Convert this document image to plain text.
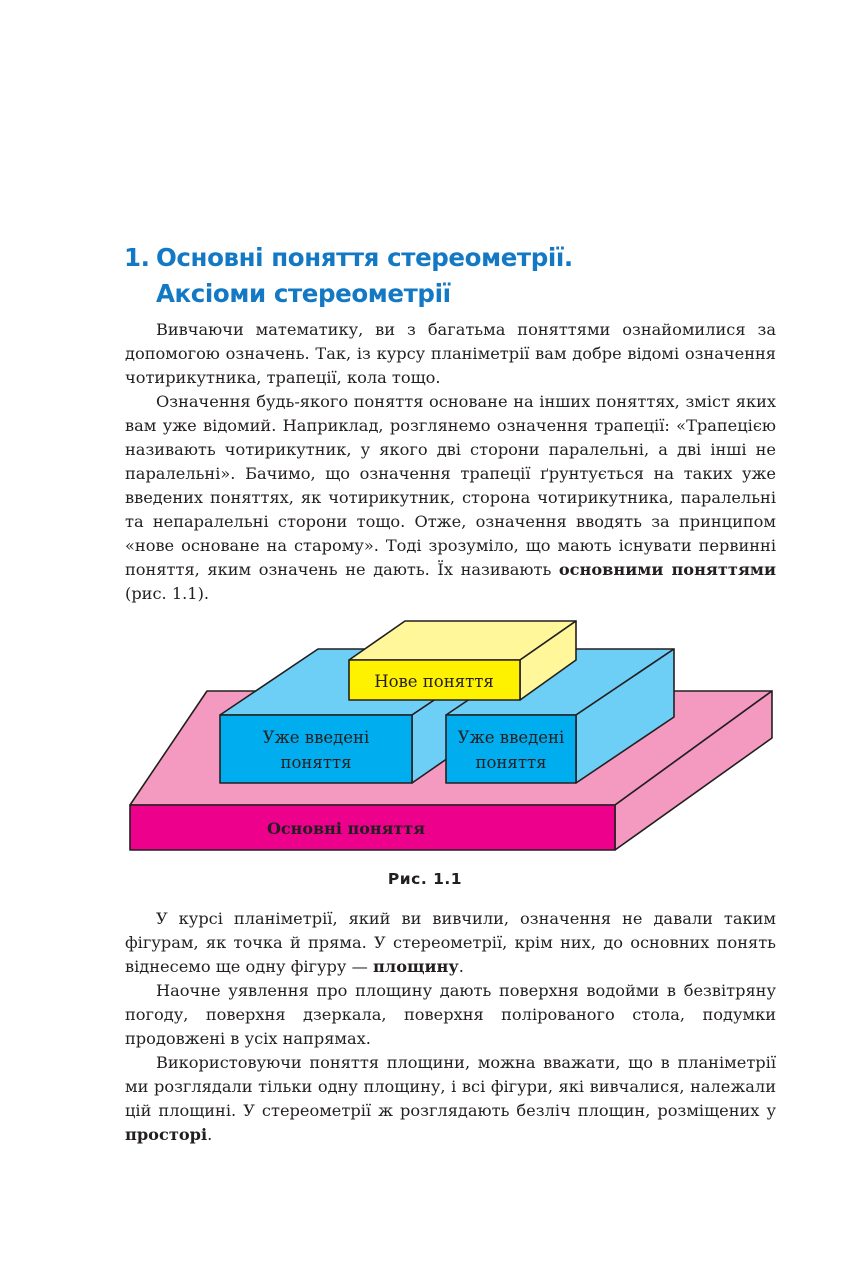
1. Основні поняття стереометрії.
Аксіоми стереометрії

Вивчаючи математику, ви з багатьма поняттями ознайомилися за допомогою означень. Так, із курсу планіметрії вам добре відомі означення чотирикутника, трапеції, кола тощо.

Означення будь-якого поняття основане на інших поняттях, зміст яких вам уже відомий. Наприклад, розглянемо означення трапеції: «Трапецією називають чотирикутник, у якого дві сторони паралельні, а дві інші не паралельні». Бачимо, що означення трапеції ґрунтується на таких уже введених поняттях, як чотирикутник, сторона чотирикутника, паралельні та непаралельні сторони тощо. Отже, означення вводять за принципом «нове основане на старому». Тоді зрозуміло, що мають існувати первинні поняття, яким означень не дають. Їх називають основними поняттями (рис. 1.1).

Нове поняття
Уже введені
поняття
Уже введені
поняття
Основні поняття
Рис. 1.1

У курсі планіметрії, який ви вивчили, означення не давали таким фігурам, як точка й пряма. У стереометрії, крім них, до основних понять віднесемо ще одну фігуру — площину.

Наочне уявлення про площину дають поверхня водойми в безвітряну погоду, поверхня дзеркала, поверхня полірованого стола, подумки продовжені в усіх напрямах.

Використовуючи поняття площини, можна вважати, що в планіметрії ми розглядали тільки одну площину, і всі фігури, які вивчалися, належали цій площині. У стереометрії ж розглядають безліч площин, розміщених у просторі.
